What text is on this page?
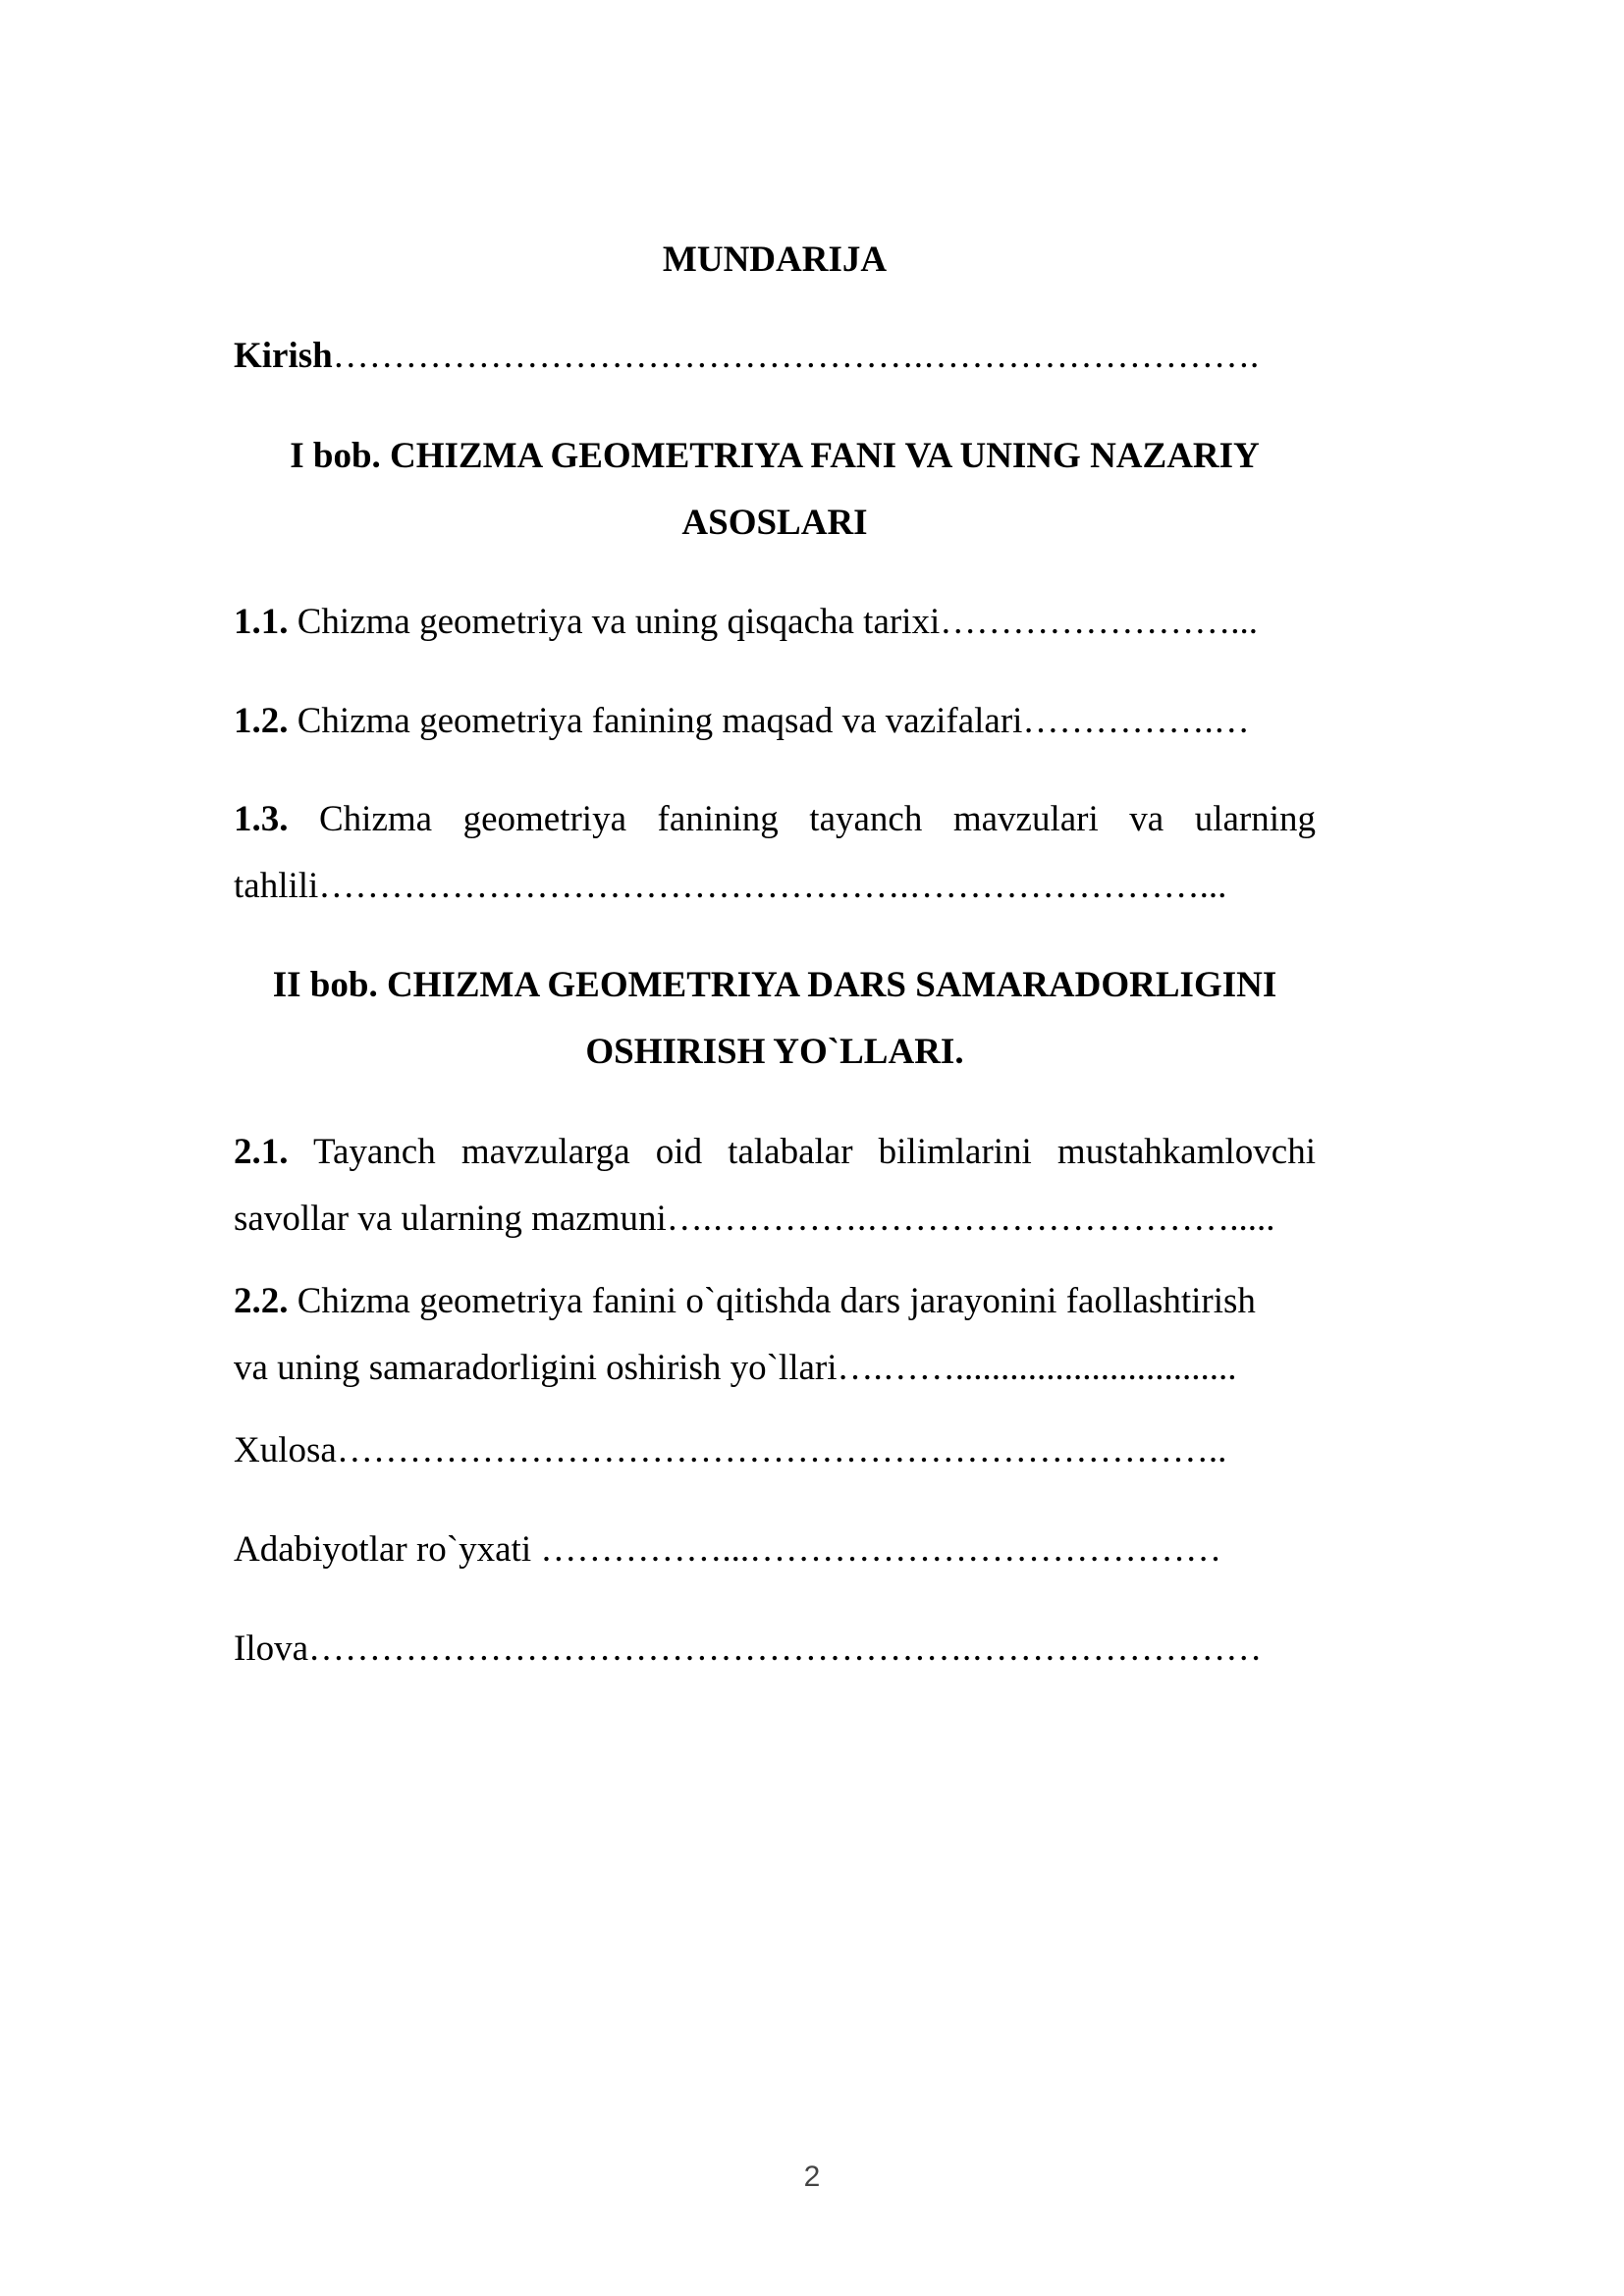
MUNDARIJA

Kirish………………………………………….……………………….

I bob. CHIZMA GEOMETRIYA FANI VA UNING NAZARIY
ASOSLARI

1.1. Chizma geometriya va uning qisqacha tarixi……………………...

1.2. Chizma geometriya fanining maqsad va vazifalari…………….…

1.3. Chizma geometriya fanining tayanch mavzulari va ularning
tahlili………………………………………….……………………...
II bob. CHIZMA GEOMETRIYA DARS SAMARADORLIGINI
OSHIRISH YO`LLARI.
2.1. Tayanch mavzularga oid talabalar bilimlarini mustahkamlovchi
savollar va ularning mazmuni….………….………………………….....
2.2. Chizma geometriya fanini o`qitishda dars jarayonini faollashtirish
va uning samaradorligini oshirish yo`llari….……...............................

Xulosa………………………………………………………………..

Adabiyotlar ro`yxati ……………...…………………………………

Ilova……………………………………………….……………………

2
